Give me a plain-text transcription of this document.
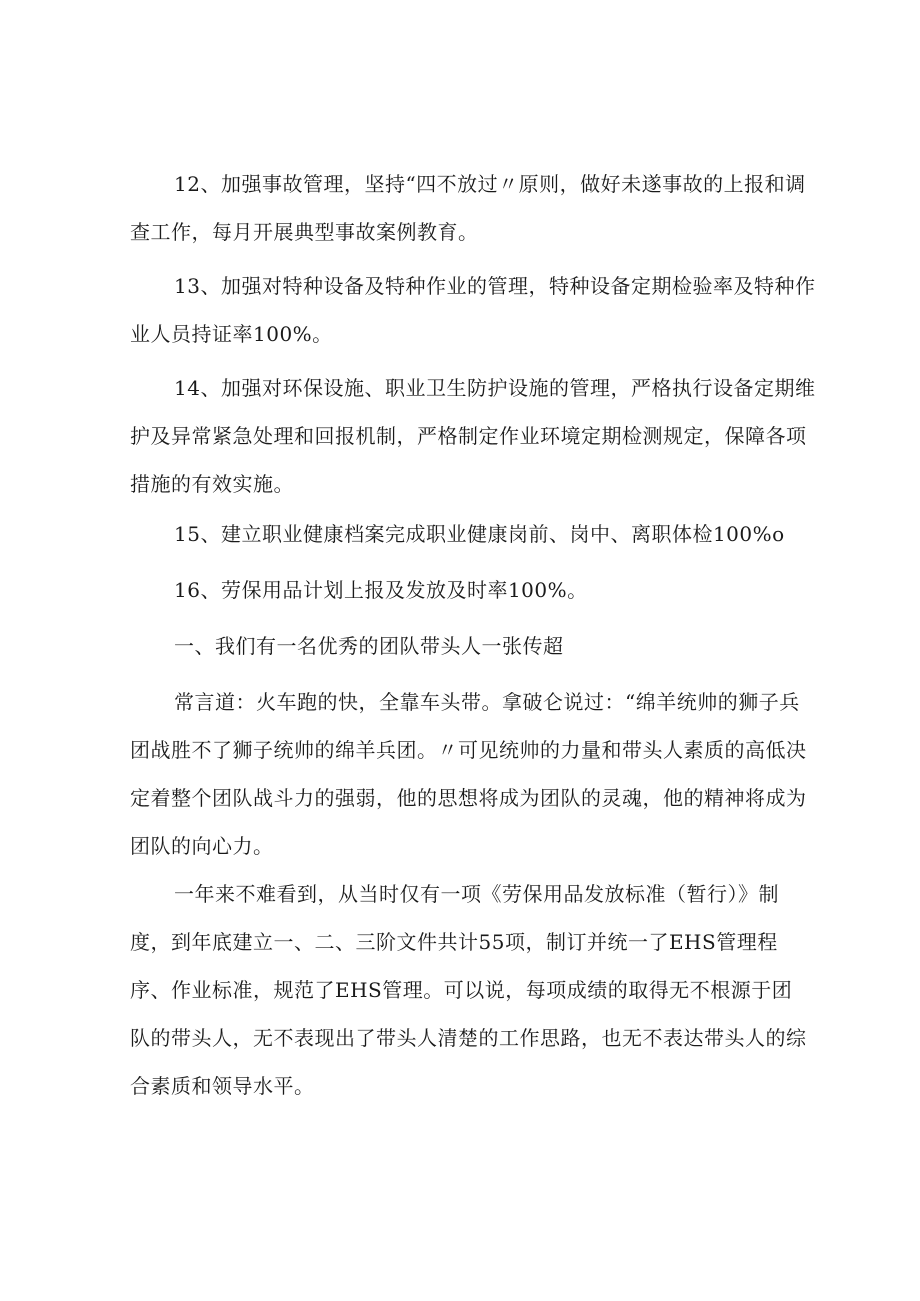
12、加强事故管理，坚持“四不放过〃原则，做好未遂事故的上报和调
查工作，每月开展典型事故案例教育。

13、加强对特种设备及特种作业的管理，特种设备定期检验率及特种作
业人员持证率100%。

14、加强对环保设施、职业卫生防护设施的管理，严格执行设备定期维
护及异常紧急处理和回报机制，严格制定作业环境定期检测规定，保障各项
措施的有效实施。

15、建立职业健康档案完成职业健康岗前、岗中、离职体检100%o

16、劳保用品计划上报及发放及时率100%。

一、我们有一名优秀的团队带头人一张传超

常言道：火车跑的快，全靠车头带。拿破仑说过：“绵羊统帅的狮子兵
团战胜不了狮子统帅的绵羊兵团。〃可见统帅的力量和带头人素质的高低决
定着整个团队战斗力的强弱，他的思想将成为团队的灵魂，他的精神将成为
团队的向心力。

一年来不难看到，从当时仅有一项《劳保用品发放标准（暂行）》制
度，到年底建立一、二、三阶文件共计55项，制订并统一了EHS管理程
序、作业标准，规范了EHS管理。可以说，每项成绩的取得无不根源于团
队的带头人，无不表现出了带头人清楚的工作思路，也无不表达带头人的综
合素质和领导水平。
